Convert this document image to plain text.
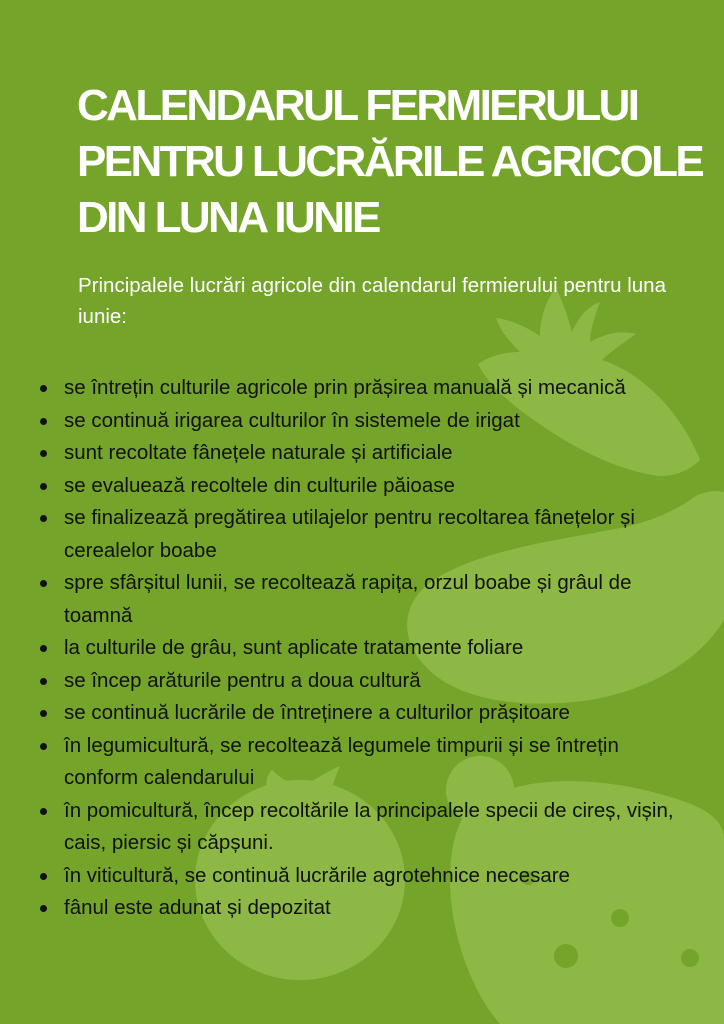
CALENDARUL FERMIERULUI
PENTRU LUCRĂRILE AGRICOLE
DIN LUNA IUNIE

Principalele lucrări agricole din calendarul fermierului pentru luna iunie:

se întrețin culturile agricole prin prășirea manuală și mecanică
se continuă irigarea culturilor în sistemele de irigat
sunt recoltate fânețele naturale și artificiale
se evaluează recoltele din culturile păioase
se finalizează pregătirea utilajelor pentru recoltarea fânețelor și cerealelor boabe
spre sfârșitul lunii, se recoltează rapița, orzul boabe și grâul de toamnă
la culturile de grâu, sunt aplicate tratamente foliare
se încep arăturile pentru a doua cultură
se continuă lucrările de întreținere a culturilor prășitoare
în legumicultură, se recoltează legumele timpurii și se întrețin conform calendarului
în pomicultură, încep recoltările la principalele specii de cireș, vișin, cais, piersic și căpșuni.
în viticultură, se continuă lucrările agrotehnice necesare
fânul este adunat și depozitat
